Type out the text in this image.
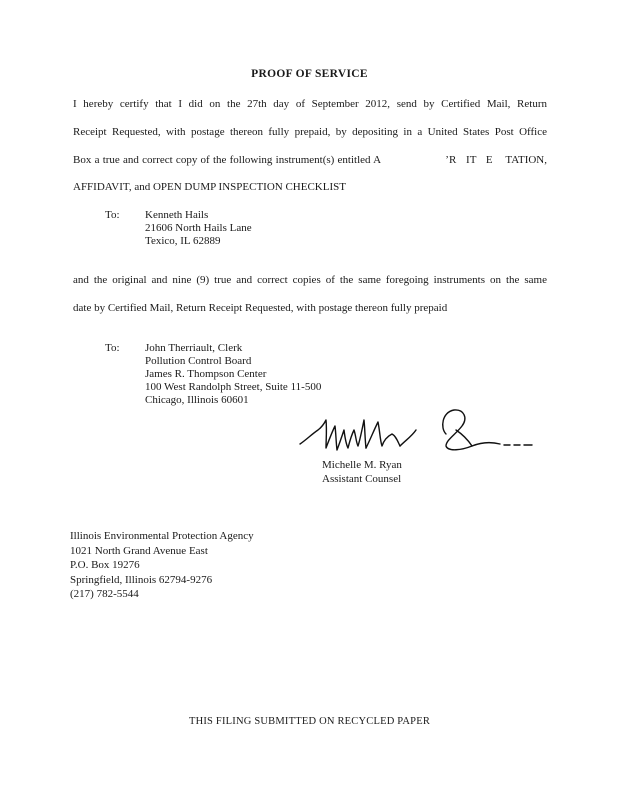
PROOF OF SERVICE
I hereby certify that I did on the 27th day of September 2012, send by Certified Mail, Return
Receipt Requested, with postage thereon fully prepaid, by depositing in a United States Post Office
Box a true and correct copy of the following instrument(s) entitled A                    ’R   IT   E    TATION,
AFFIDAVIT, and OPEN DUMP INSPECTION CHECKLIST
To: Kenneth Hails
21606 North Hails Lane
Texico, IL 62889
and the original and nine (9) true and correct copies of the same foregoing instruments on the same
date by Certified Mail, Return Receipt Requested, with postage thereon fully prepaid
To: John Therriault, Clerk
Pollution Control Board
James R. Thompson Center
100 West Randolph Street, Suite 11-500
Chicago, Illinois 60601
Michelle M. Ryan
Assistant Counsel
Illinois Environmental Protection Agency
1021 North Grand Avenue East
P.O. Box 19276
Springfield, Illinois 62794-9276
(217) 782-5544
THIS FILING SUBMITTED ON RECYCLED PAPER
